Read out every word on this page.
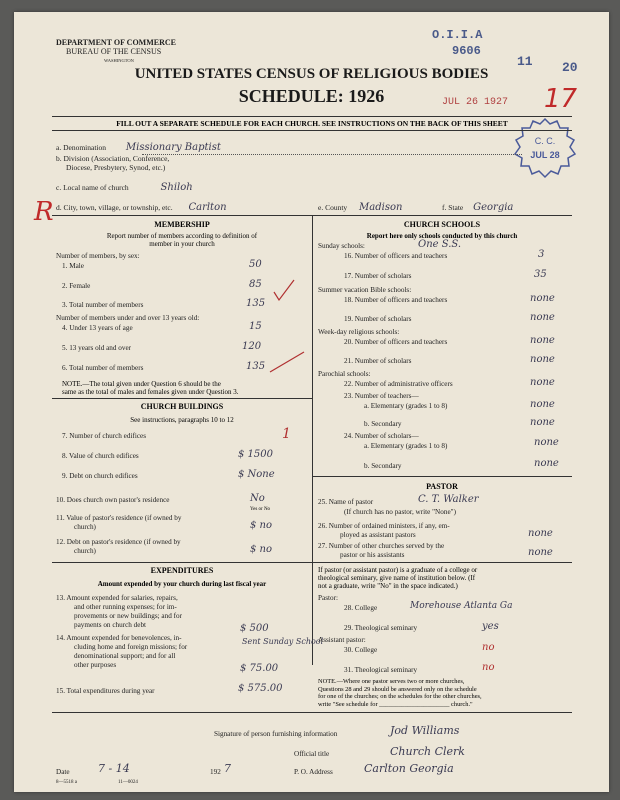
DEPARTMENT OF COMMERCE
BUREAU OF THE CENSUS
WASHINGTON
O.I.I.A
9606
11 20
JUL 26 1927 17
C. C.
JUL 28
UNITED STATES CENSUS OF RELIGIOUS BODIES
SCHEDULE: 1926
FILL OUT A SEPARATE SCHEDULE FOR EACH CHURCH. SEE INSTRUCTIONS ON THE BACK OF THIS SHEET
R
a. Denomination Missionary Baptist
b. Division (Association, Conference,
Diocese, Presbytery, Synod, etc.)
c. Local name of church	Shiloh
d. City, town, village, or township, etc. Carlton	e. County Madison	f. State Georgia
MEMBERSHIP
Report number of members according to definition of
member in your church
Number of members, by sex:
1. Male	50
2. Female	85
3. Total number of members	135
Number of members under and over 13 years old:
4. Under 13 years of age	15
5. 13 years old and over	120
6. Total number of members	135
NOTE.—The total given under Question 6 should be the
same as the total of males and females given under Question 3.
CHURCH BUILDINGS
See instructions, paragraphs 10 to 12
7. Number of church edifices	1
8. Value of church edifices	$ 1500
9. Debt on church edifices	$ None
10. Does church own pastor's residence	No
Yes or No
11. Value of pastor's residence (if owned by
church)	$ no
12. Debt on pastor's residence (if owned by
church)	$ no
EXPENDITURES
Amount expended by your church during last fiscal year
13. Amount expended for salaries, repairs,
and other running expenses; for im-
provements or new buildings; and for
payments on church debt	$ 500
14. Amount expended for benevolences, in-
cluding home and foreign missions; for
denominational support; and for all
other purposes
Sent Sunday School
$ 75.00
15. Total expenditures during year	$ 575.00
CHURCH SCHOOLS
Report here only schools conducted by this church
Sunday schools:	One S.S.
16. Number of officers and teachers	3
17. Number of scholars	35
Summer vacation Bible schools:
18. Number of officers and teachers	none
19. Number of scholars	none
Week-day religious schools:
20. Number of officers and teachers	none
21. Number of scholars	none
Parochial schools:
22. Number of administrative officers	none
23. Number of teachers—
a. Elementary (grades 1 to 8)	none
b. Secondary	none
24. Number of scholars—
a. Elementary (grades 1 to 8)	none
b. Secondary	none
PASTOR
25. Name of pastor	C. T. Walker
(If church has no pastor, write "None")
26. Number of ordained ministers, if any, em-
ployed as assistant pastors	none
27. Number of other churches served by the
pastor or his assistants	none
If pastor (or assistant pastor) is a graduate of a college or
theological seminary, give name of institution below. (If
not a graduate, write "No" in the space indicated.)
Pastor:
28. College	Morehouse Atlanta Ga
29. Theological seminary	yes
Assistant pastor:
30. College	no
31. Theological seminary	no
NOTE.—Where one pastor serves two or more churches,
Questions 28 and 29 should be answered only on the schedule
for one of the churches; on the schedules for the other churches,
write "See schedule for ______________________ church."
Signature of person furnishing information	Jod Williams
Official title	Church Clerk
Date	7 - 14	192 7	P. O. Address	Carlton Georgia
8—5518 a	11—0024
